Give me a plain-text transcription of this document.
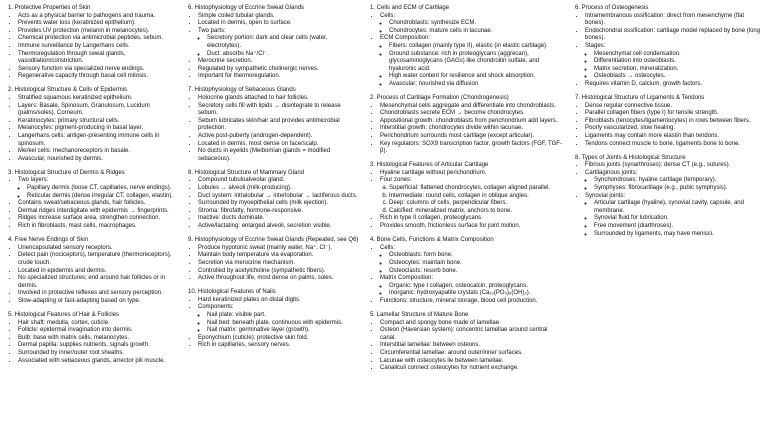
1. Protective Properties of Skin
• Acts as a physical barrier to pathogens and trauma.
• Prevents water loss (keratinized epithelium).
• Provides UV protection (melanin in melanocytes).
• Chemical protection via antimicrobial peptides, sebum.
• Immune surveillance by Langerhans cells.
• Thermoregulation through sweat glands, vasodilation/constriction.
• Sensory function via specialized nerve endings.
• Regenerative capacity through basal cell mitosis.
2. Histological Structure & Cells of Epidermis
• Stratified squamous keratinized epithelium.
• Layers: Basale, Spinosum, Granulosum, Lucidum (palms/soles), Corneum.
• Keratinocytes: primary structural cells.
• Melanocytes: pigment-producing in basal layer.
• Langerhans cells: antigen-presenting immune cells in spinosum.
• Merkel cells: mechanoreceptors in basale.
• Avascular, nourished by dermis.
3. Histological Structure of Dermis & Ridges
• Two layers:
◦ Papillary dermis (loose CT, capillaries, nerve endings).
◦ Reticular dermis (dense irregular CT, collagen, elastin).
• Contains sweat/sebaceous glands, hair follicles.
• Dermal ridges interdigitate with epidermis → fingerprints.
• Ridges increase surface area, strengthen connection.
• Rich in fibroblasts, mast cells, macrophages.
4. Free Nerve Endings of Skin
• Unencapsulated sensory receptors.
• Detect pain (nociceptors), temperature (thermoreceptors), crude touch.
• Located in epidermis and dermis.
• No specialized structures; end around hair follicles or in dermis.
• Involved in protective reflexes and sensory perception.
• Slow-adapting or fast-adapting based on type.
5. Histological Features of Hair & Follicles
• Hair shaft: medulla, cortex, cuticle.
• Follicle: epidermal invagination into dermis.
• Bulb: base with matrix cells, melanocytes.
• Dermal papilla: supplies nutrients, signals growth.
• Surrounded by inner/outer root sheaths.
• Associated with sebaceous glands, arrector pili muscle.
6. Histophysiology of Eccrine Sweat Glands
• Simple coiled tubular glands.
• Located in dermis, open to surface.
• Two parts:
◦ Secretory portion: dark and clear cells (water, electrolytes).
◦ Duct: absorbs Na⁺/Cl⁻.
• Merocrine secretion.
• Regulated by sympathetic cholinergic nerves.
• Important for thermoregulation.
7. Histophysiology of Sebaceous Glands
• Holocrine glands attached to hair follicles.
• Secretory cells fill with lipids → disintegrate to release sebum.
• Sebum lubricates skin/hair and provides antimicrobial protection.
• Active post-puberty (androgen-dependent).
• Located in dermis, most dense on face/scalp.
• No ducts in eyelids (Meibomian glands = modified sebaceous).
8. Histological Structure of Mammary Gland
• Compound tubuloalveolar gland.
• Lobules → alveoli (milk-producing).
• Duct system: intralobular → interlobular → lactiferous ducts.
• Surrounded by myoepithelial cells (milk ejection).
• Stroma: fibrofatty, hormone-responsive.
• Inactive: ducts dominate.
• Active/lactating: enlarged alveoli, secretion visible.
9. Histophysiology of Eccrine Sweat Glands (Repeated, see Q6)
• Produce hypotonic sweat (mainly water, Na⁺, Cl⁻).
• Maintain body temperature via evaporation.
• Secretion via merocrine mechanism.
• Controlled by acetylcholine (sympathetic fibers).
• Active throughout life, most dense on palms, soles.
10. Histological Features of Nails
• Hard keratinized plates on distal digits.
• Components:
◦ Nail plate: visible part.
◦ Nail bed: beneath plate, continuous with epidermis.
◦ Nail matrix: germinative layer (growth).
• Eponychium (cuticle): protective skin fold.
• Rich in capillaries, sensory nerves.
1. Cells and ECM of Cartilage
• Cells:
◦ Chondroblasts: synthesize ECM.
◦ Chondrocytes: mature cells in lacunae.
• ECM Composition:
◦ Fibers: collagen (mainly type II), elastic (in elastic cartilage).
◦ Ground substance: rich in proteoglycans (aggrecan), glycosaminoglycans (GAGs) like chondroitin sulfate, and hyaluronic acid.
◦ High water content for resilience and shock absorption.
◦ Avascular; nourished via diffusion
2. Process of Cartilage Formation (Chondrogenesis)
• Mesenchymal cells aggregate and differentiate into chondroblasts.
• Chondroblasts secrete ECM → become chondrocytes.
• Appositional growth: chondroblasts from perichondrium add layers.
• Interstitial growth: chondrocytes divide within lacunae.
• Perichondrium surrounds most cartilage (except articular).
• Key regulators: SOX9 transcription factor, growth factors (FGF, TGF-β).
3. Histological Features of Articular Cartilage
• Hyaline cartilage without perichondrium.
• Four zones:
a. Superficial: flattened chondrocytes, collagen aligned parallel.
b. Intermediate: round cells, collagen in oblique angles.
c. Deep: columns of cells, perpendicular fibers.
d. Calcified: mineralized matrix, anchors to bone.
• Rich in type II collagen, proteoglycans.
• Provides smooth, frictionless surface for joint motion.
4. Bone Cells, Functions & Matrix Composition
• Cells:
◦ Osteoblasts: form bone.
◦ Osteocytes: maintain bone.
◦ Osteoclasts: resorb bone.
• Matrix Composition:
◦ Organic: type I collagen, osteocalcin, proteoglycans.
◦ Inorganic: hydroxyapatite crystals (Ca₁₀(PO₄)₆(OH)₂).
• Functions: structure, mineral storage, blood cell production.
5. Lamellar Structure of Mature Bone
• Compact and spongy bone made of lamellae.
• Osteon (Haversian system): concentric lamellae around central canal.
• Interstitial lamellae: between osteons.
• Circumferential lamellae: around outer/inner surfaces.
• Lacunae with osteocytes lie between lamellae.
• Canaliculi connect osteocytes for nutrient exchange.
6. Process of Osteogenesis
• Intramembranous ossification: direct from mesenchyme (flat bones).
• Endochondral ossification: cartilage model replaced by bone (long bones).
• Stages:
◦ Mesenchymal cell condensation.
◦ Differentiation into osteoblasts.
◦ Matrix secretion, mineralization.
◦ Osteoblasts → osteocytes.
• Requires vitamin D, calcium, growth factors.
7. Histological Structure of Ligaments & Tendons
• Dense regular connective tissue.
• Parallel collagen fibers (type I) for tensile strength.
• Fibroblasts (tenocytes/ligamentocytes) in rows between fibers.
• Poorly vascularized, slow healing.
• Ligaments may contain more elastin than tendons.
• Tendons connect muscle to bone, ligaments bone to bone.
8. Types of Joints & Histological Structure
• Fibrous joints (synarthroses): dense CT (e.g., sutures).
• Cartilaginous joints:
◦ Synchondroses: hyaline cartilage (temporary).
◦ Symphyses: fibrocartilage (e.g., pubic symphysis).
• Synovial joints:
◦ Articular cartilage (hyaline), synovial cavity, capsule, and membrane.
◦ Synovial fluid for lubrication.
◦ Free movement (diarthroses).
◦ Surrounded by ligaments, may have menisci.
